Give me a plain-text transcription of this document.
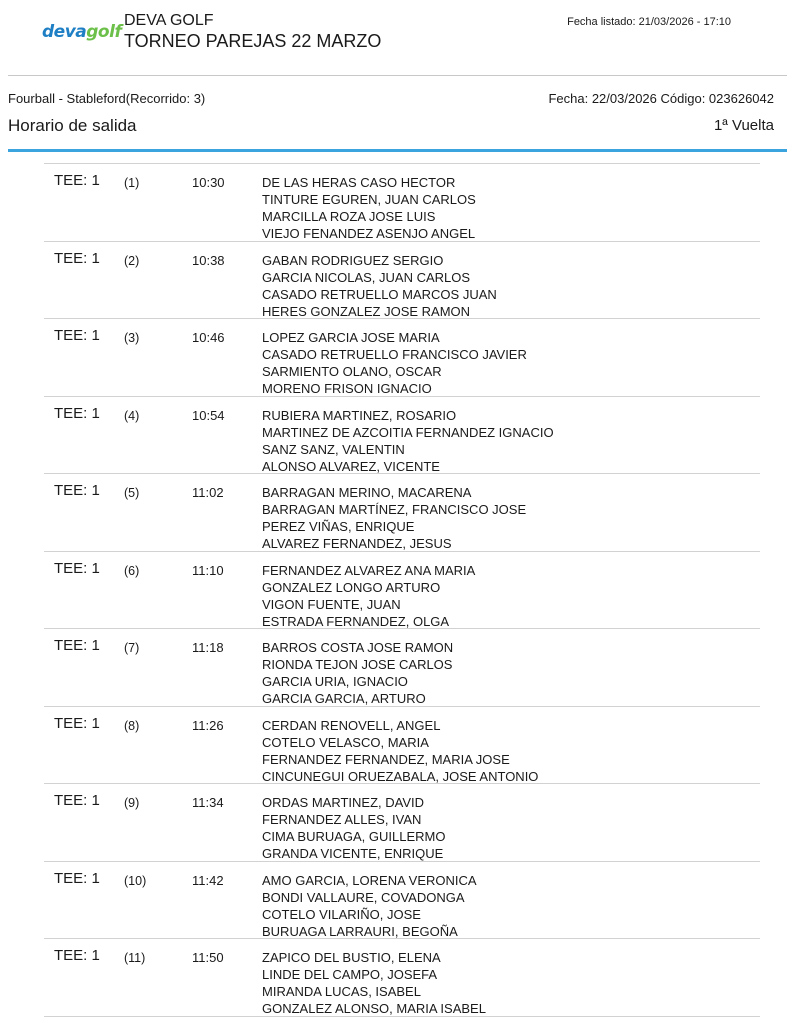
devagolf
DEVA GOLF
TORNEO PAREJAS 22 MARZO
Fecha listado: 21/03/2026 - 17:10
Fourball - Stableford(Recorrido: 3)	Fecha: 22/03/2026 Código: 023626042
Horario de salida	1ª Vuelta
TEE: 1 (1)	10:30	DE LAS HERAS CASO HECTOR
TINTURE EGUREN, JUAN CARLOS
MARCILLA ROZA JOSE LUIS
VIEJO FENANDEZ ASENJO ANGEL
TEE: 1 (2)	10:38	GABAN RODRIGUEZ SERGIO
GARCIA NICOLAS, JUAN CARLOS
CASADO RETRUELLO MARCOS JUAN
HERES GONZALEZ JOSE RAMON
TEE: 1 (3)	10:46	LOPEZ GARCIA JOSE MARIA
CASADO RETRUELLO FRANCISCO JAVIER
SARMIENTO OLANO, OSCAR
MORENO FRISON IGNACIO
TEE: 1 (4)	10:54	RUBIERA MARTINEZ, ROSARIO
MARTINEZ DE AZCOITIA FERNANDEZ IGNACIO
SANZ SANZ, VALENTIN
ALONSO ALVAREZ, VICENTE
TEE: 1 (5)	11:02	BARRAGAN MERINO, MACARENA
BARRAGAN MARTÍNEZ, FRANCISCO JOSE
PEREZ VIÑAS, ENRIQUE
ALVAREZ FERNANDEZ, JESUS
TEE: 1 (6)	11:10	FERNANDEZ ALVAREZ ANA MARIA
GONZALEZ LONGO ARTURO
VIGON FUENTE, JUAN
ESTRADA FERNANDEZ, OLGA
TEE: 1 (7)	11:18	BARROS COSTA JOSE RAMON
RIONDA TEJON JOSE CARLOS
GARCIA URIA, IGNACIO
GARCIA GARCIA, ARTURO
TEE: 1 (8)	11:26	CERDAN RENOVELL, ANGEL
COTELO VELASCO, MARIA
FERNANDEZ FERNANDEZ, MARIA JOSE
CINCUNEGUI ORUEZABALA, JOSE ANTONIO
TEE: 1 (9)	11:34	ORDAS MARTINEZ, DAVID
FERNANDEZ ALLES, IVAN
CIMA BURUAGA, GUILLERMO
GRANDA VICENTE, ENRIQUE
TEE: 1 (10)	11:42	AMO GARCIA, LORENA VERONICA
BONDI VALLAURE, COVADONGA
COTELO VILARIÑO, JOSE
BURUAGA LARRAURI, BEGOÑA
TEE: 1 (11)	11:50	ZAPICO DEL BUSTIO, ELENA
LINDE DEL CAMPO, JOSEFA
MIRANDA LUCAS, ISABEL
GONZALEZ ALONSO, MARIA ISABEL
